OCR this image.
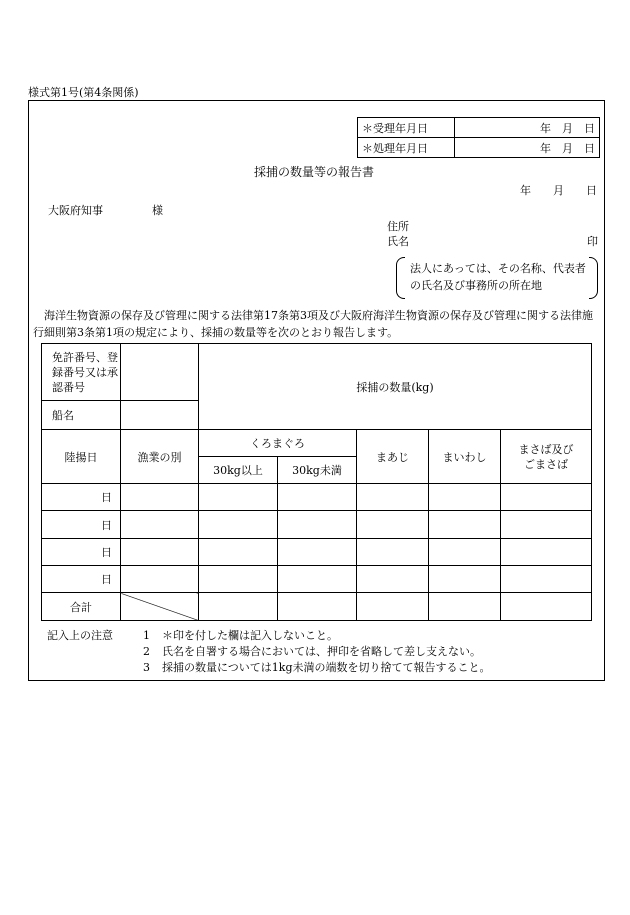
様式第1号(第4条関係)
＊受理年月日	年　月　日
＊処理年月日	年　月　日
採捕の数量等の報告書
年　　月　　日
大阪府知事	様
住所
氏名	印
法人にあっては、その名称、代表者の氏名及び事務所の所在地
海洋生物資源の保存及び管理に関する法律第17条第3項及び大阪府海洋生物資源の保存及び管理に関する法律施行細則第3条第1項の規定により、採捕の数量等を次のとおり報告します。
免許番号、登録番号又は承認番号		採捕の数量(kg)				
船名						
陸揚日	漁業の別	くろまぐろ		まあじ	まいわし	まさば及びごまさば
		30kg以上	30kg未満			
日						
日						
日						
日						
合計						
記入上の注意	1 ＊印を付した欄は記入しないこと。
2 氏名を自署する場合においては、押印を省略して差し支えない。
3 採捕の数量については1kg未満の端数を切り捨てて報告すること。
